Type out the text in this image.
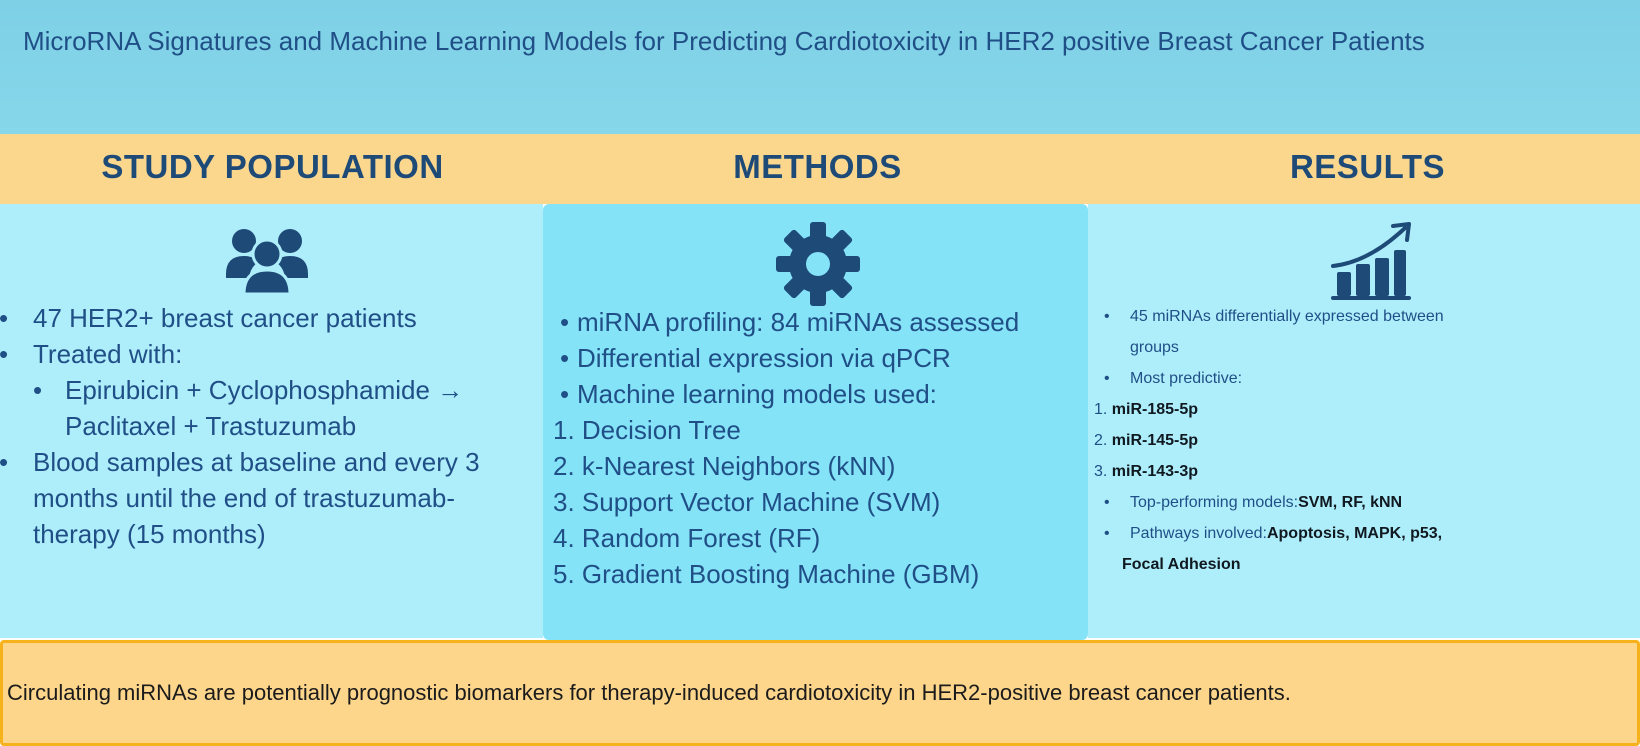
MicroRNA Signatures and Machine Learning Models for Predicting Cardiotoxicity in HER2 positive Breast Cancer Patients
STUDY POPULATION	METHODS	RESULTS
• 47 HER2+ breast cancer patients
• Treated with:
• Epirubicin + Cyclophosphamide →
Paclitaxel + Trastuzumab
• Blood samples at baseline and every 3
months until the end of trastuzumab-
therapy (15 months)
• miRNA profiling: 84 miRNAs assessed
• Differential expression via qPCR
• Machine learning models used:
1. Decision Tree
2. k-Nearest Neighbors (kNN)
3. Support Vector Machine (SVM)
4. Random Forest (RF)
5. Gradient Boosting Machine (GBM)
• 45 miRNAs differentially expressed between
groups
• Most predictive:
1. miR-185-5p
2. miR-145-5p
3. miR-143-3p
• Top-performing models:SVM, RF, kNN
• Pathways involved:Apoptosis, MAPK, p53,
Focal Adhesion
Circulating miRNAs are potentially prognostic biomarkers for therapy-induced cardiotoxicity in HER2-positive breast cancer patients.
